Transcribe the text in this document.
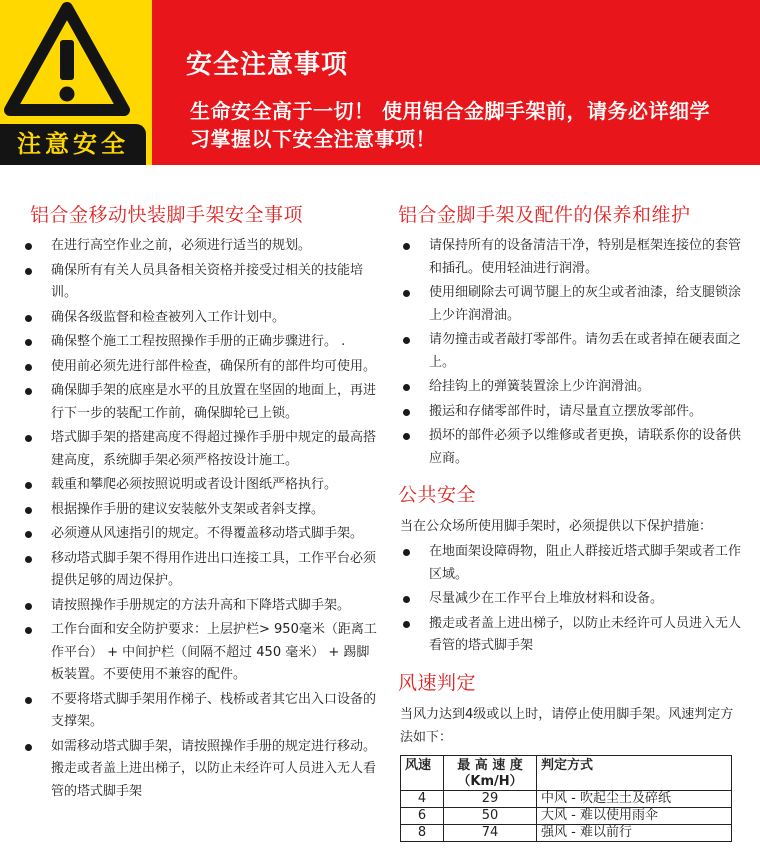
注意安全
安全注意事项
生命安全高于一切！ 使用铝合金脚手架前，请务必详细学习掌握以下安全注意事项！
铝合金移动快装脚手架安全事项
在进行高空作业之前，必须进行适当的规划。
确保所有有关人员具备相关资格并接受过相关的技能培训。
确保各级监督和检查被列入工作计划中。
确保整个施工工程按照操作手册的正确步骤进行。 .
使用前必须先进行部件检查，确保所有的部件均可使用。
确保脚手架的底座是水平的且放置在坚固的地面上，再进行下一步的装配工作前，确保脚轮已上锁。
塔式脚手架的搭建高度不得超过操作手册中规定的最高搭建高度，系统脚手架必须严格按设计施工。
载重和攀爬必须按照说明或者设计图纸严格执行。
根据操作手册的建议安装舷外支架或者斜支撑。
必须遵从风速指引的规定。不得覆盖移动塔式脚手架。
移动塔式脚手架不得用作进出口连接工具，工作平台必须提供足够的周边保护。
请按照操作手册规定的方法升高和下降塔式脚手架。
工作台面和安全防护要求：上层护栏> 950毫米（距离工作平台） + 中间护栏（间隔不超过 450 毫米） + 踢脚板装置。不要使用不兼容的配件。
不要将塔式脚手架用作梯子、栈桥或者其它出入口设备的支撑架。
如需移动塔式脚手架，请按照操作手册的规定进行移动。搬走或者盖上进出梯子，以防止未经许可人员进入无人看管的塔式脚手架
铝合金脚手架及配件的保养和维护
请保持所有的设备清洁干净，特别是框架连接位的套管和插孔。使用轻油进行润滑。
使用细刷除去可调节腿上的灰尘或者油漆，给支腿锁涂上少许润滑油。
请勿撞击或者敲打零部件。请勿丢在或者掉在硬表面之上。
给挂钩上的弹簧装置涂上少许润滑油。
搬运和存储零部件时，请尽量直立摆放零部件。
损坏的部件必须予以维修或者更换，请联系你的设备供应商。
公共安全
当在公众场所使用脚手架时，必须提供以下保护措施：
在地面架设障碍物，阻止人群接近塔式脚手架或者工作区域。
尽量减少在工作平台上堆放材料和设备。
搬走或者盖上进出梯子，以防止未经许可人员进入无人看管的塔式脚手架
风速判定
当风力达到4级或以上时，请停止使用脚手架。风速判定方法如下：
风速	最 高 速 度（Km/H）	判定方式
4	29	中风 - 吹起尘土及碎纸
6	50	大风 - 难以使用雨伞
8	74	强风 - 难以前行
